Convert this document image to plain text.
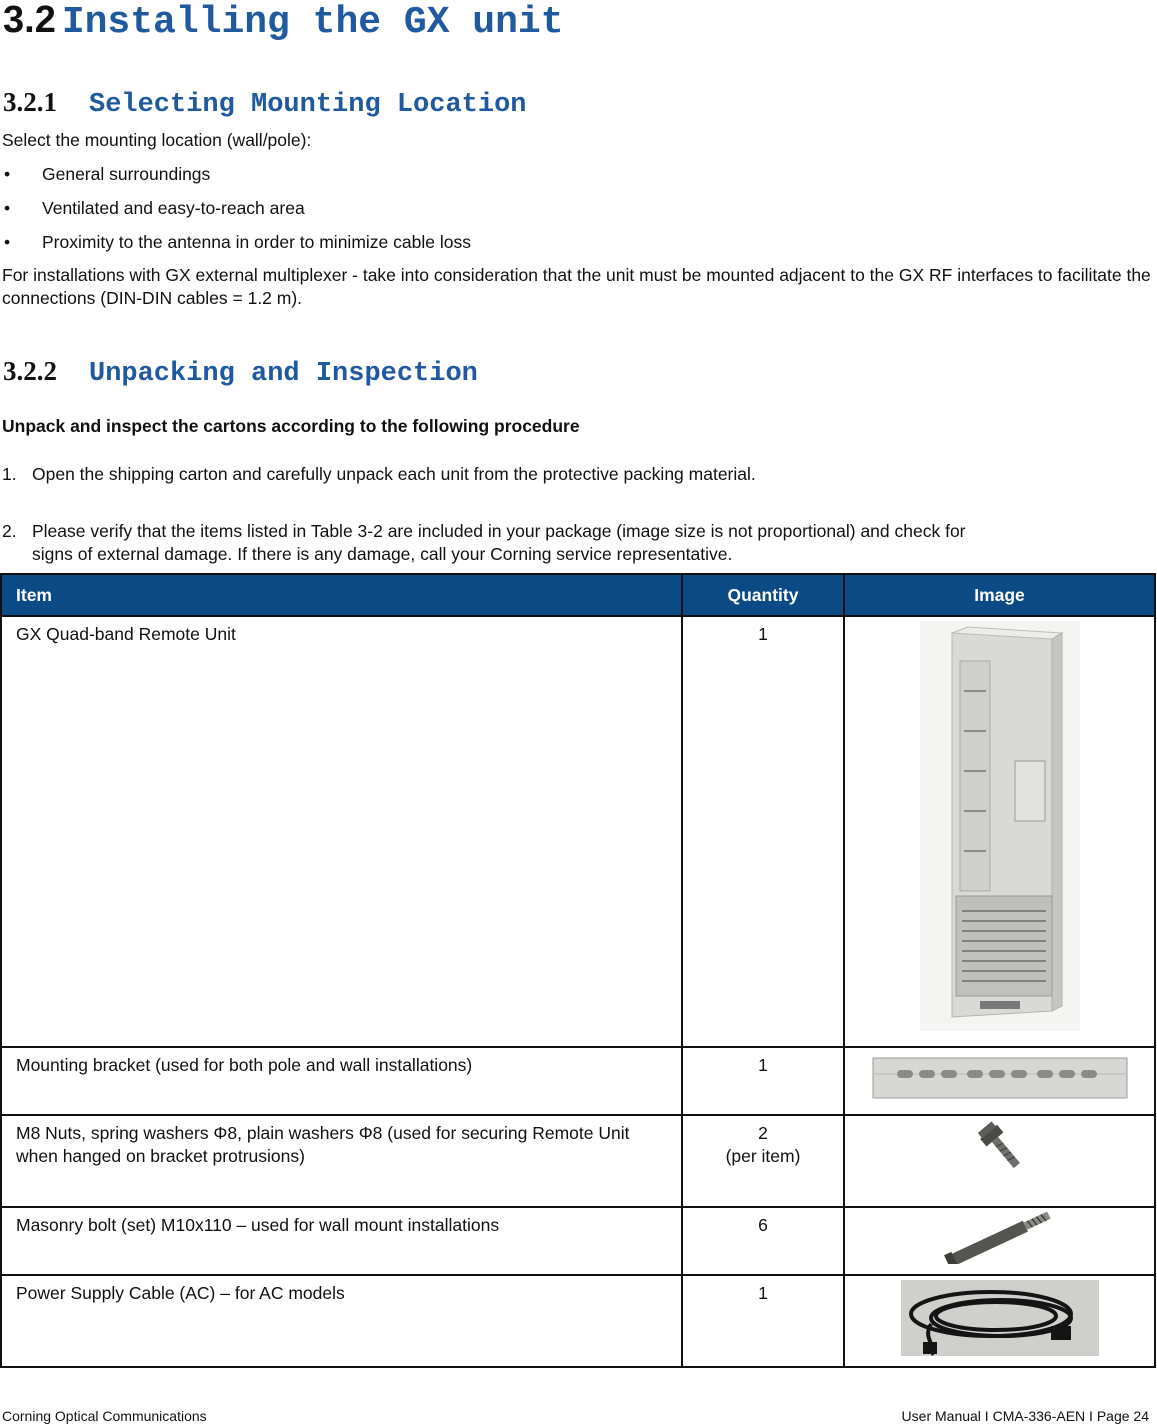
3.2 Installing the GX unit
3.2.1 Selecting Mounting Location
Select the mounting location (wall/pole):
• General surroundings
• Ventilated and easy-to-reach area
• Proximity to the antenna in order to minimize cable loss
For installations with GX external multiplexer - take into consideration that the unit must be mounted adjacent to the GX RF interfaces to facilitate the connections (DIN-DIN cables = 1.2 m).
3.2.2 Unpacking and Inspection
Unpack and inspect the cartons according to the following procedure
1. Open the shipping carton and carefully unpack each unit from the protective packing material.
2. Please verify that the items listed in Table 3-2 are included in your package (image size is not proportional) and check for
signs of external damage. If there is any damage, call your Corning service representative.
Item	Quantity	Image
GX Quad-band Remote Unit	1	
Mounting bracket (used for both pole and wall installations)	1	
M8 Nuts, spring washers Φ8, plain washers Φ8 (used for securing Remote Unit when hanged on bracket protrusions)	2
(per item)

Masonry bolt (set) M10x110 – used for wall mount installations	6	
Power Supply Cable (AC) – for AC models	1	
Corning Optical Communications	User Manual I CMA-336-AEN I Page 24
